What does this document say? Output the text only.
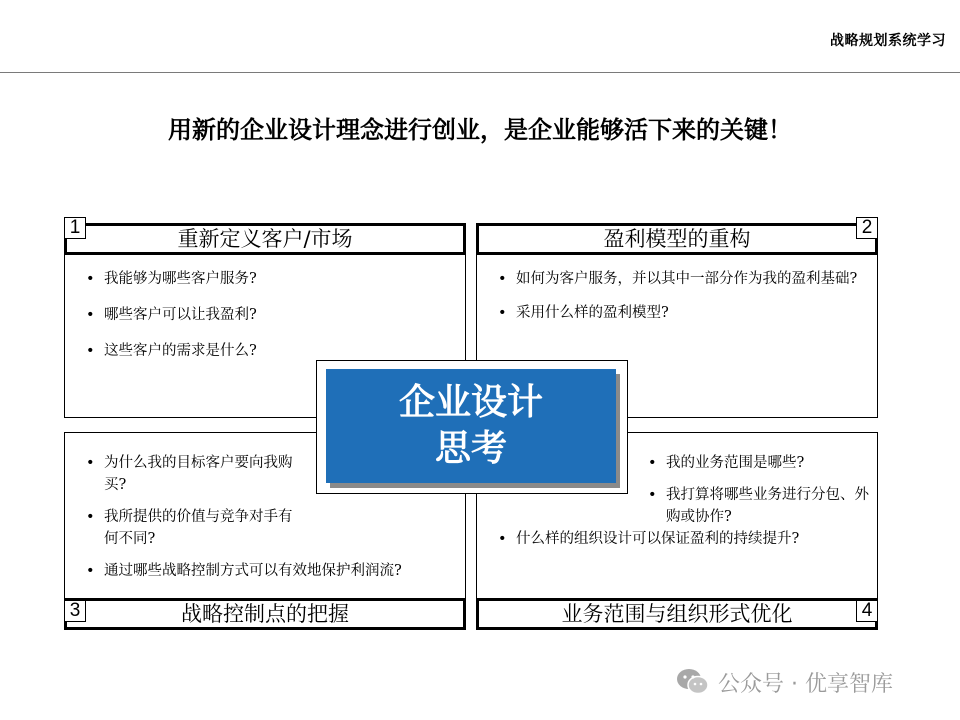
战略规划系统学习
用新的企业设计理念进行创业，是企业能够活下来的关键！
重新定义客户/市场	盈利模型的重构
战略控制点的把握	业务范围与组织形式优化
1	2
3	4
• 我能够为哪些客户服务?
• 哪些客户可以让我盈利?
• 这些客户的需求是什么?
• 如何为客户服务，并以其中一部分作为我的盈利基础?
• 采用什么样的盈利模型?
• 为什么我的目标客户要向我购买?
• 我所提供的价值与竞争对手有何不同?
• 通过哪些战略控制方式可以有效地保护利润流?
• 我的业务范围是哪些?
• 我打算将哪些业务进行分包、外购或协作?
• 什么样的组织设计可以保证盈利的持续提升?
企业设计
思考
公众号 · 优享智库
